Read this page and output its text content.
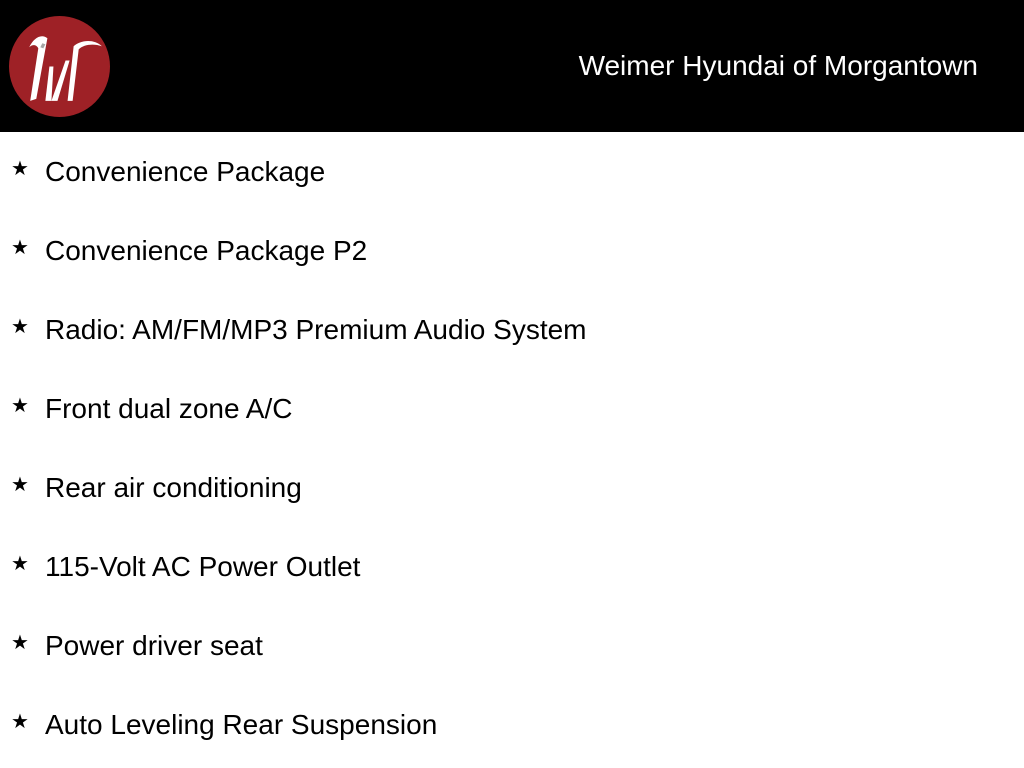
Weimer Hyundai of Morgantown
★ Convenience Package
★ Convenience Package P2
★ Radio: AM/FM/MP3 Premium Audio System
★ Front dual zone A/C
★ Rear air conditioning
★ 115-Volt AC Power Outlet
★ Power driver seat
★ Auto Leveling Rear Suspension
